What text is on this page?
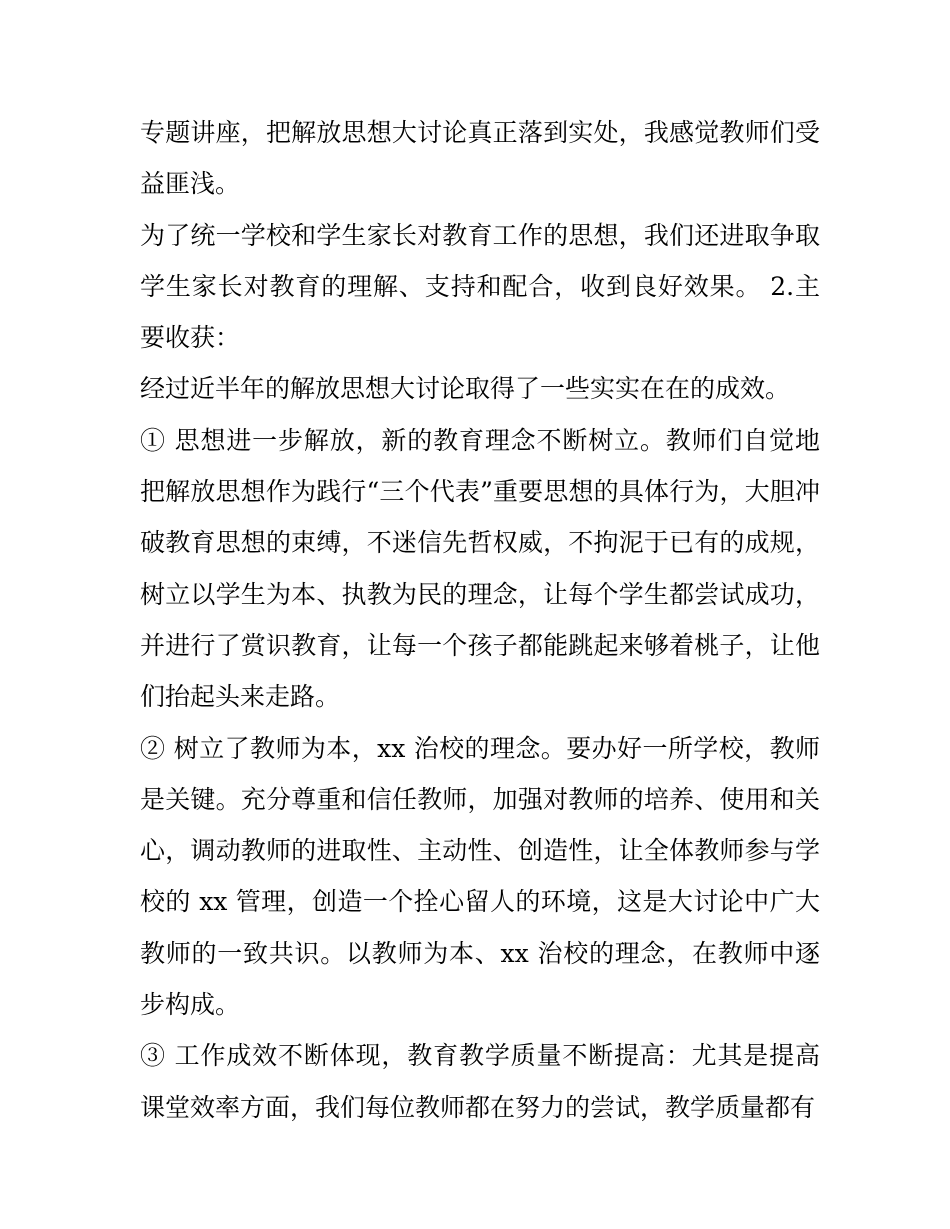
专题讲座，把解放思想大讨论真正落到实处，我感觉教师们受益匪浅。

为了统一学校和学生家长对教育工作的思想，我们还进取争取学生家长对教育的理解、支持和配合，收到良好效果。 2.主要收获：

经过近半年的解放思想大讨论取得了一些实实在在的成效。

① 思想进一步解放，新的教育理念不断树立。教师们自觉地把解放思想作为践行“三个代表”重要思想的具体行为，大胆冲破教育思想的束缚，不迷信先哲权威，不拘泥于已有的成规，树立以学生为本、执教为民的理念，让每个学生都尝试成功，并进行了赏识教育，让每一个孩子都能跳起来够着桃子，让他们抬起头来走路。

② 树立了教师为本，xx 治校的理念。要办好一所学校，教师是关键。充分尊重和信任教师，加强对教师的培养、使用和关心，调动教师的进取性、主动性、创造性，让全体教师参与学校的 xx 管理，创造一个拴心留人的环境，这是大讨论中广大教师的一致共识。以教师为本、xx 治校的理念，在教师中逐步构成。

③ 工作成效不断体现，教育教学质量不断提高：尤其是提高课堂效率方面，我们每位教师都在努力的尝试，教学质量都有
